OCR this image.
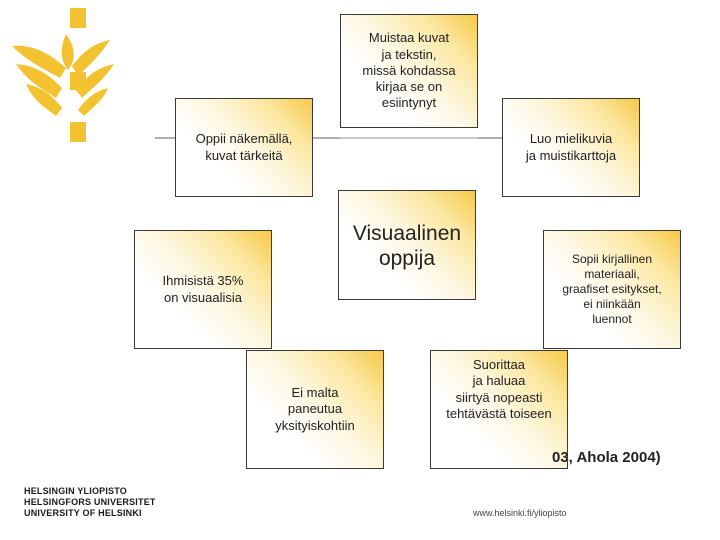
Muistaa kuvat
ja tekstin,
missä kohdassa
kirjaa se on
esiintynyt
Oppii näkemällä,
kuvat tärkeitä
Luo mielikuvia
ja muistikarttoja
Visuaalinen
oppija
Ihmisistä 35%
on visuaalisia
Sopii kirjallinen
materiaali,
graafiset esitykset,
ei niinkään
luennot
Ei malta
paneutua
yksityiskohtiin
Suorittaa
ja haluaa
siirtyä nopeasti
tehtävästä toiseen
03, Ahola 2004)
HELSINGIN YLIOPISTO
HELSINGFORS UNIVERSITET
UNIVERSITY OF HELSINKI	www.helsinki.fi/yliopisto
